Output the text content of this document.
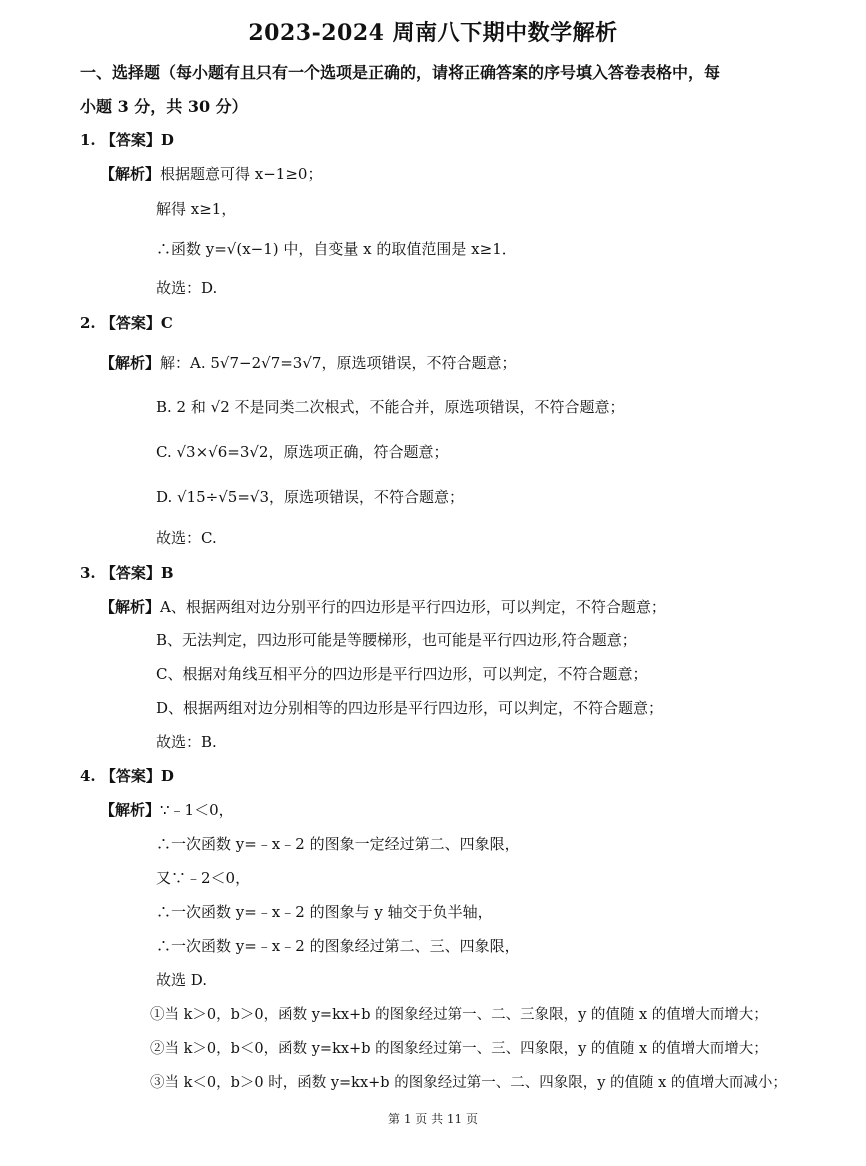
2023-2024 周南八下期中数学解析
一、选择题（每小题有且只有一个选项是正确的，请将正确答案的序号填入答卷表格中，每
小题 3 分，共 30 分）
1. 【答案】D
【解析】根据题意可得 x−1≥0；
解得 x≥1，
∴函数 y=√(x−1) 中，自变量 x 的取值范围是 x≥1．
故选：D.
2. 【答案】C
【解析】解：A. 5√7−2√7=3√7，原选项错误，不符合题意；
B. 2 和 √2 不是同类二次根式，不能合并，原选项错误，不符合题意；
C. √3×√6=3√2，原选项正确，符合题意；
D. √15÷√5=√3，原选项错误，不符合题意；
故选：C.
3. 【答案】B
【解析】A、根据两组对边分别平行的四边形是平行四边形，可以判定，不符合题意；
B、无法判定，四边形可能是等腰梯形，也可能是平行四边形,符合题意；
C、根据对角线互相平分的四边形是平行四边形，可以判定，不符合题意；
D、根据两组对边分别相等的四边形是平行四边形，可以判定，不符合题意；
故选：B.
4. 【答案】D
【解析】∵﹣1＜0，
∴一次函数 y=﹣x﹣2 的图象一定经过第二、四象限，
又∵﹣2＜0，
∴一次函数 y=﹣x﹣2 的图象与 y 轴交于负半轴，
∴一次函数 y=﹣x﹣2 的图象经过第二、三、四象限，
故选 D.
①当 k＞0，b＞0，函数 y=kx+b 的图象经过第一、二、三象限，y 的值随 x 的值增大而增大；
②当 k＞0，b＜0，函数 y=kx+b 的图象经过第一、三、四象限，y 的值随 x 的值增大而增大；
③当 k＜0，b＞0 时，函数 y=kx+b 的图象经过第一、二、四象限，y 的值随 x 的值增大而减小；
第 1 页 共 11 页
